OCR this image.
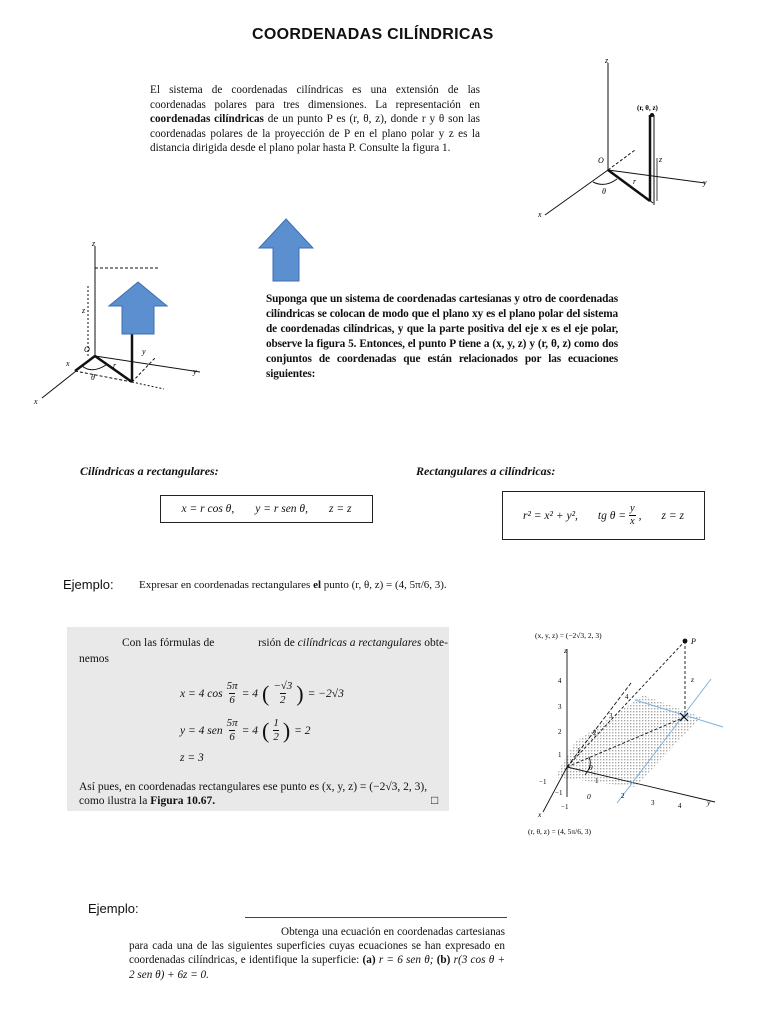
COORDENADAS CILÍNDRICAS
El sistema de coordenadas cilíndricas es una extensión de las coordenadas polares para tres dimensiones. La representación en coordenadas cilíndricas de un punto P es (r, θ, z), donde r y θ son las coordenadas polares de la proyección de P en el plano polar y z es la distancia dirigida desde el plano polar hasta P. Consulte la figura 1.
z
y
x
O
(r, θ, z)
θ
r
z
z
y
x
O
θ
r
x
y
z
Suponga que un sistema de coordenadas cartesianas y otro de coordenadas cilíndricas se colocan de modo que el plano xy es el plano polar del sistema de coordenadas cilíndricas, y que la parte positiva del eje x es el eje polar, observe la figura 5. Entonces, el punto P tiene a (x, y, z) y (r, θ, z) como dos conjuntos de coordenadas que están relacionados por las ecuaciones siguientes:
Cilíndricas a rectangulares:	Rectangulares a cilíndricas:
x = r cos θ, y = r sen θ, z = z
r² = x² + y², tg $\theta = \frac{y}{x}$ , z = z
Ejemplo: Expresar en coordenadas rectangulares el punto (r, θ, z) = (4, 5π/6, 3).
Con las fórmulas de	rsión de cilíndricas a rectangulares obte-
nemos
x = 4 $\cos \frac{5\pi}{6} = 4$ ( −√3
2 ) = −2√3
y = 4 sen $\frac{5\pi}{6} = 4$ ( 1
2 ) = 2
z = 3
Así pues, en coordenadas rectangulares ese punto es (x, y, z) = (−2√3, 2, 3),
como ilustra la Figura 10.67.	□
(x, y, z) = (−2√3, 2, 3)
P
z
z
y
x
4
3
2
1
−1
1
2
3	4
1
2
3
4
−1
−1
0
θ
(r, θ, z) = (4, 5π/6, 3)
Ejemplo:
Obtenga una ecuación en coordenadas cartesianas para cada una de las siguientes superficies cuyas ecuaciones se han expresado en coordenadas cilíndricas, e identifique la superficie: (a) r = 6 sen θ; (b) r(3 cos θ + 2 sen θ) + 6z = 0.
